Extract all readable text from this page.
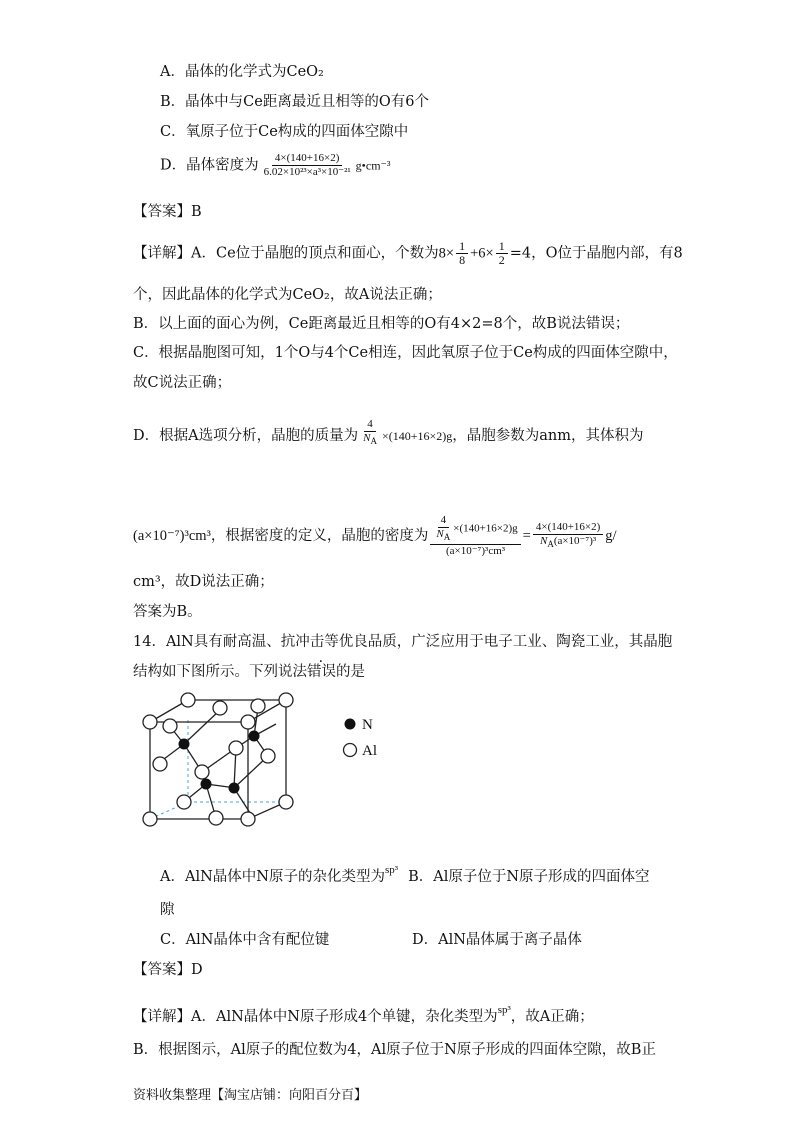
A．晶体的化学式为CeO₂
B．晶体中与Ce距离最近且相等的O有6个
C．氧原子位于Ce构成的四面体空隙中
D．晶体密度为 $\frac{4\times(140+16\times 2)}{\text{6.02×10²³×a³×10⁻²¹}}$ g•cm⁻³
【答案】B
【详解】A．Ce位于晶胞的顶点和面心，个数为$8\times \frac{1}{8} +6\times \frac{1}{2} =4$，O位于晶胞内部，有8
个，因此晶体的化学式为CeO₂，故A说法正确；
B．以上面的面心为例，Ce距离最近且相等的O有4×2=8个，故B说法错误；
C．根据晶胞图可知，1个O与4个Ce相连，因此氧原子位于Ce构成的四面体空隙中，
故C说法正确；
D．根据A选项分析，晶胞的质量为 $\frac{4}{N_A} \times(140+16\times 2)g$，晶胞参数为anm，其体积为
(a×10⁻⁷)³cm³，根据密度的定义，晶胞的密度为 $\frac{\frac{4}{N_A} \times(140+16\times 2)g}{\text{(a×10⁻⁷)³cm³}} = \frac{4\times(140+16\times 2)}{N_A(a\times 10^{-7})^3} g/$
cm³，故D说法正确；
答案为B。
14．AlN具有耐高温、抗冲击等优良品质，广泛应用于电子工业、陶瓷工业，其晶胞
结构如下图所示。下列说法错误的是
N
Al
A．AlN晶体中N原子的杂化类型为$^{sp^3}$ B．Al原子位于N原子形成的四面体空
隙
C．AlN晶体中含有配位键	D．AlN晶体属于离子晶体
【答案】D
【详解】A．AlN晶体中N原子形成4个单键，杂化类型为$^{sp^3}$，故A正确；
B．根据图示，Al原子的配位数为4，Al原子位于N原子形成的四面体空隙，故B正
资料收集整理【淘宝店铺：向阳百分百】
